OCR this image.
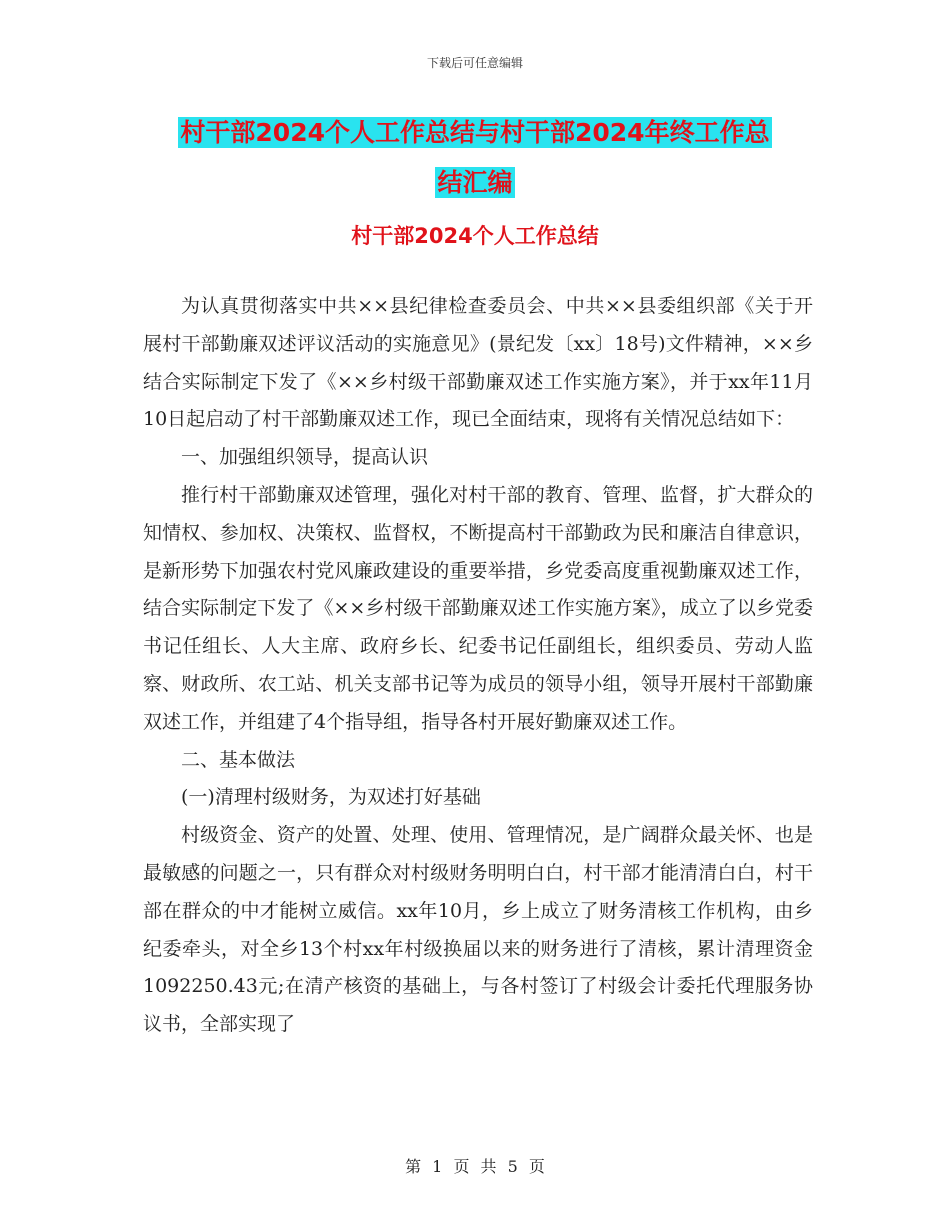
下载后可任意编辑
村干部2024个人工作总结与村干部2024年终工作总
结汇编
村干部2024个人工作总结

为认真贯彻落实中共××县纪律检查委员会、中共××县委组织部《关于开展村干部勤廉双述评议活动的实施意见》(景纪发〔xx〕18号)文件精神，××乡结合实际制定下发了《××乡村级干部勤廉双述工作实施方案》，并于xx年11月10日起启动了村干部勤廉双述工作，现已全面结束，现将有关情况总结如下：

一、加强组织领导，提高认识

推行村干部勤廉双述管理，强化对村干部的教育、管理、监督，扩大群众的知情权、参加权、决策权、监督权，不断提高村干部勤政为民和廉洁自律意识，是新形势下加强农村党风廉政建设的重要举措，乡党委高度重视勤廉双述工作，结合实际制定下发了《××乡村级干部勤廉双述工作实施方案》，成立了以乡党委书记任组长、人大主席、政府乡长、纪委书记任副组长，组织委员、劳动人监察、财政所、农工站、机关支部书记等为成员的领导小组，领导开展村干部勤廉双述工作，并组建了4个指导组，指导各村开展好勤廉双述工作。

二、基本做法

(一)清理村级财务，为双述打好基础

村级资金、资产的处置、处理、使用、管理情况，是广阔群众最关怀、也是最敏感的问题之一，只有群众对村级财务明明白白，村干部才能清清白白，村干部在群众的中才能树立威信。xx年10月，乡上成立了财务清核工作机构，由乡纪委牵头，对全乡13个村xx年村级换届以来的财务进行了清核，累计清理资金1092250.43元;在清产核资的基础上，与各村签订了村级会计委托代理服务协议书，全部实现了

第 1 页 共 5 页
